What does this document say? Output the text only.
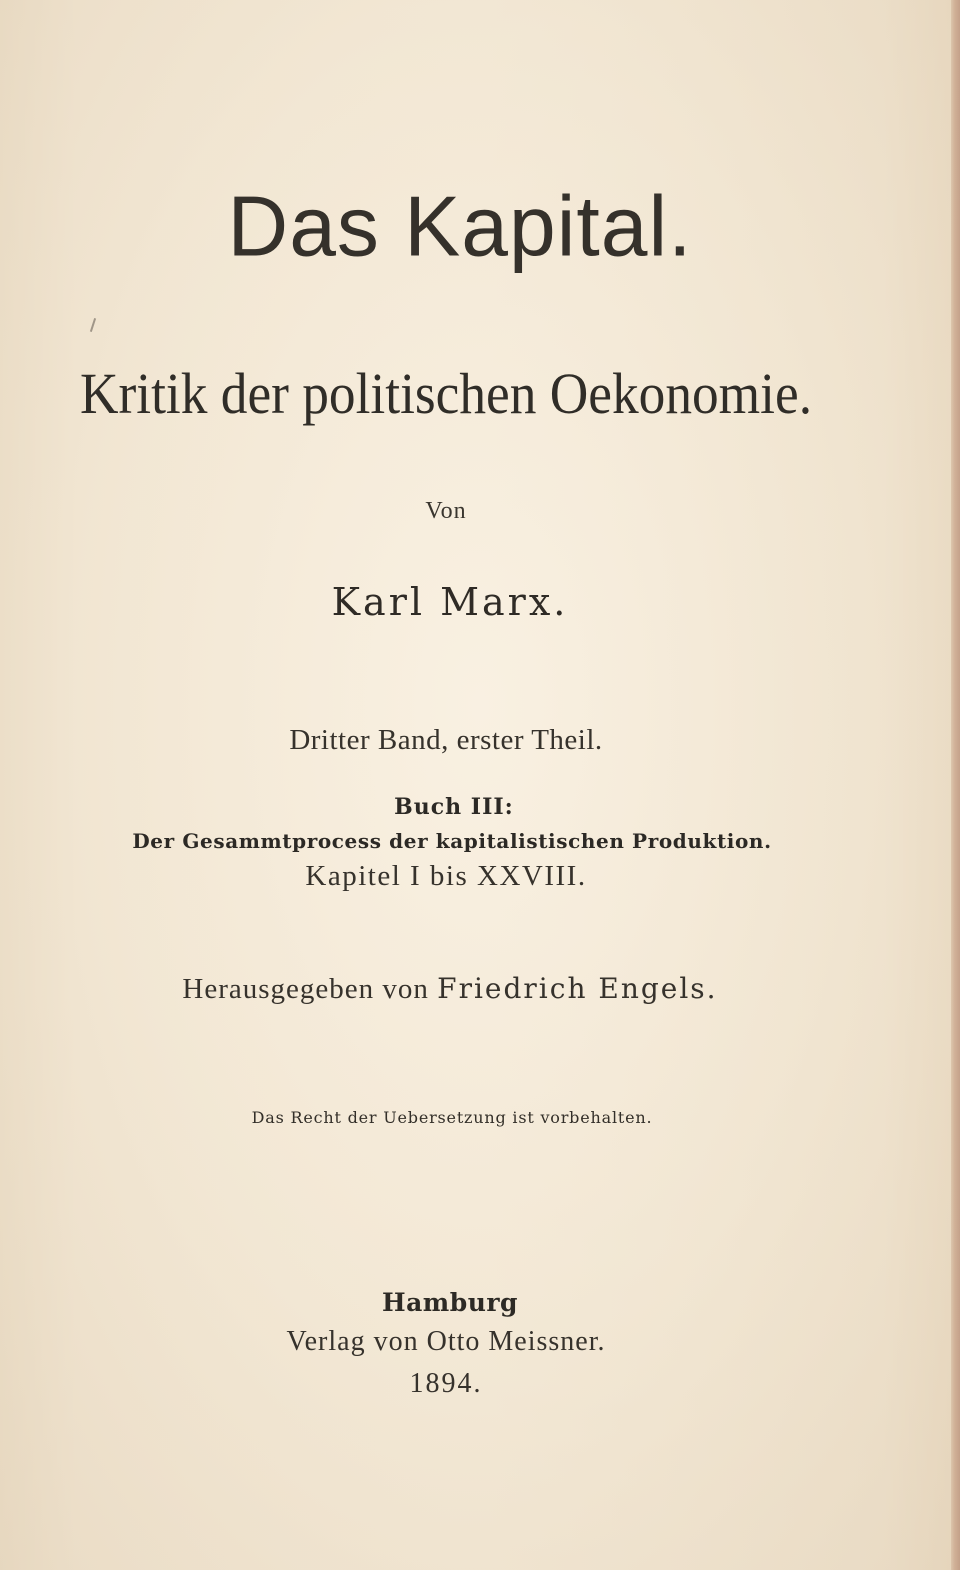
Das Kapital.
Kritik der politischen Oekonomie.
Von
Karl Marx.
Dritter Band, erster Theil.
Buch III:
Der Gesammtprocess der kapitalistischen Produktion.
Kapitel I bis XXVIII.
Herausgegeben von Friedrich Engels.
Das Recht der Uebersetzung ist vorbehalten.
Hamburg
Verlag von Otto Meissner.
1894.
